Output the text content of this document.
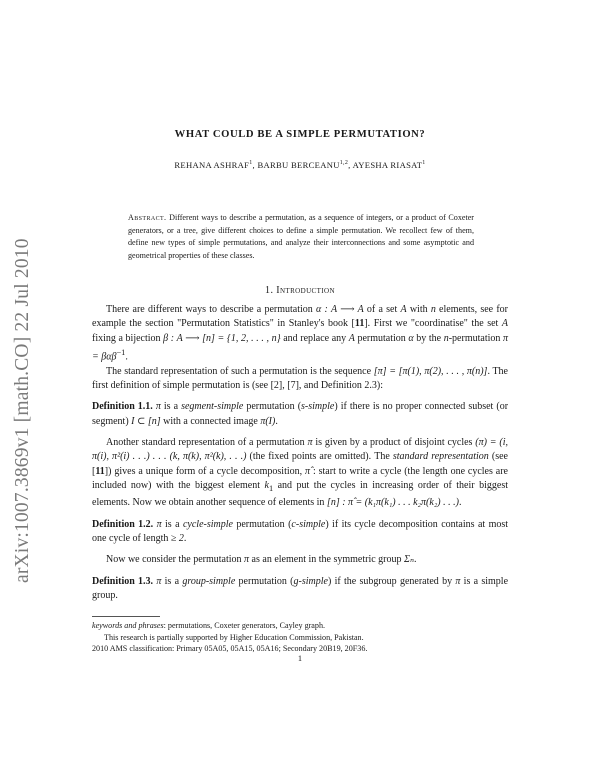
arXiv:1007.3869v1 [math.CO] 22 Jul 2010
WHAT COULD BE A SIMPLE PERMUTATION?
REHANA ASHRAF$^1$, BARBU BERCEANU$^{1,2}$, AYESHA RIASAT$^1$
Abstract. Different ways to describe a permutation, as a sequence of integers, or a product of Coxeter generators, or a tree, give different choices to define a simple permutation. We recollect few of them, define new types of simple permutations, and analyze their interconnections and some asymptotic and geometrical properties of these classes.
1. Introduction

There are different ways to describe a permutation α : A ⟶ A of a set A with n elements, see for example the section "Permutation Statistics" in Stanley's book [11]. First we "coordinatise" the set A fixing a bijection β : A ⟶ [n] = {1, 2, . . . , n} and replace any A permutation α by the n-permutation π = βαβ$^{-1}$.

The standard representation of such a permutation is the sequence [π] = [π(1), π(2), . . . , π(n)]. The first definition of simple permutation is (see [2], [7], and Definition 2.3):

Definition 1.1. π is a segment-simple permutation (s-simple) if there is no proper connected subset (or segment) I ⊂ [n] with a connected image π(I).

Another standard representation of a permutation π is given by a product of disjoint cycles (π) = (i, π(i), π²(i) . . .) . . . (k, π(k), π²(k), . . .) (the fixed points are omitted). The standard representation (see [11]) gives a unique form of a cycle decomposition, π̂ : start to write a cycle (the length one cycles are included now) with the biggest element $k_1$ and put the cycles in increasing order of their biggest elements. Now we obtain another sequence of elements in [n] : π̂ = (k₁π(k₁) . . . k₂π(k₂) . . .).

Definition 1.2. π is a cycle-simple permutation (c-simple) if its cycle decomposition contains at most one cycle of length ≥ 2.

Now we consider the permutation π as an element in the symmetric group Σₙ.

Definition 1.3. π is a group-simple permutation (g-simple) if the subgroup generated by π is a simple group.

keywords and phrases: permutations, Coxeter generators, Cayley graph.

This research is partially supported by Higher Education Commission, Pakistan.

2010 AMS classification: Primary 05A05, 05A15, 05A16; Secondary 20B19, 20F36.

1
